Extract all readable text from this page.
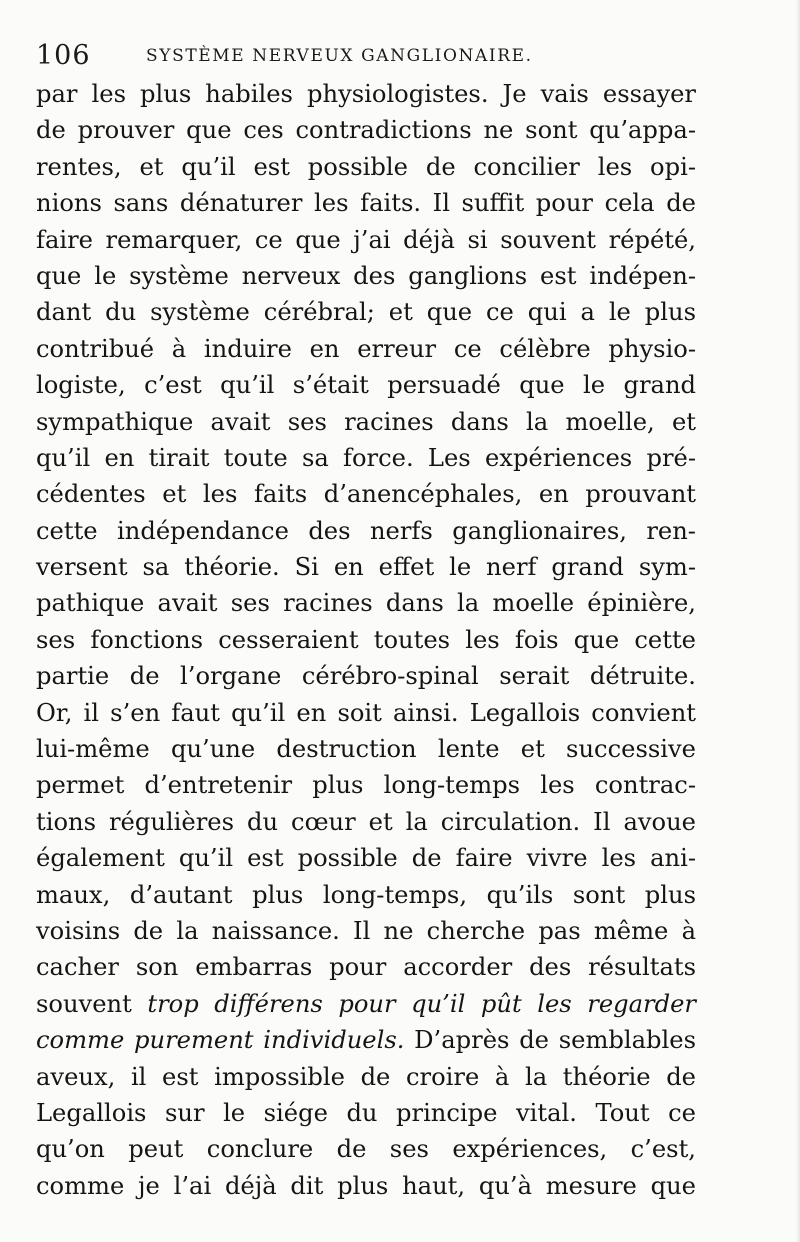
106	SYSTÈME NERVEUX GANGLIONAIRE.
par les plus habiles physiologistes. Je vais essayer
de prouver que ces contradictions ne sont qu’appa-
rentes, et qu’il est possible de concilier les opi-
nions sans dénaturer les faits. Il suffit pour cela de
faire remarquer, ce que j’ai déjà si souvent répété,
que le système nerveux des ganglions est indépen-
dant du système cérébral; et que ce qui a le plus
contribué à induire en erreur ce célèbre physio-
logiste, c’est qu’il s’était persuadé que le grand
sympathique avait ses racines dans la moelle, et
qu’il en tirait toute sa force. Les expériences pré-
cédentes et les faits d’anencéphales, en prouvant
cette indépendance des nerfs ganglionaires, ren-
versent sa théorie. Si en effet le nerf grand sym-
pathique avait ses racines dans la moelle épinière,
ses fonctions cesseraient toutes les fois que cette
partie de l’organe cérébro-spinal serait détruite.
Or, il s’en faut qu’il en soit ainsi. Legallois convient
lui-même qu’une destruction lente et successive
permet d’entretenir plus long-temps les contrac-
tions régulières du cœur et la circulation. Il avoue
également qu’il est possible de faire vivre les ani-
maux, d’autant plus long-temps, qu’ils sont plus
voisins de la naissance. Il ne cherche pas même à
cacher son embarras pour accorder des résultats
souvent trop différens pour qu’il pût les regarder
comme purement individuels. D’après de semblables
aveux, il est impossible de croire à la théorie de
Legallois sur le siége du principe vital. Tout ce
qu’on peut conclure de ses expériences, c’est,
comme je l’ai déjà dit plus haut, qu’à mesure que
